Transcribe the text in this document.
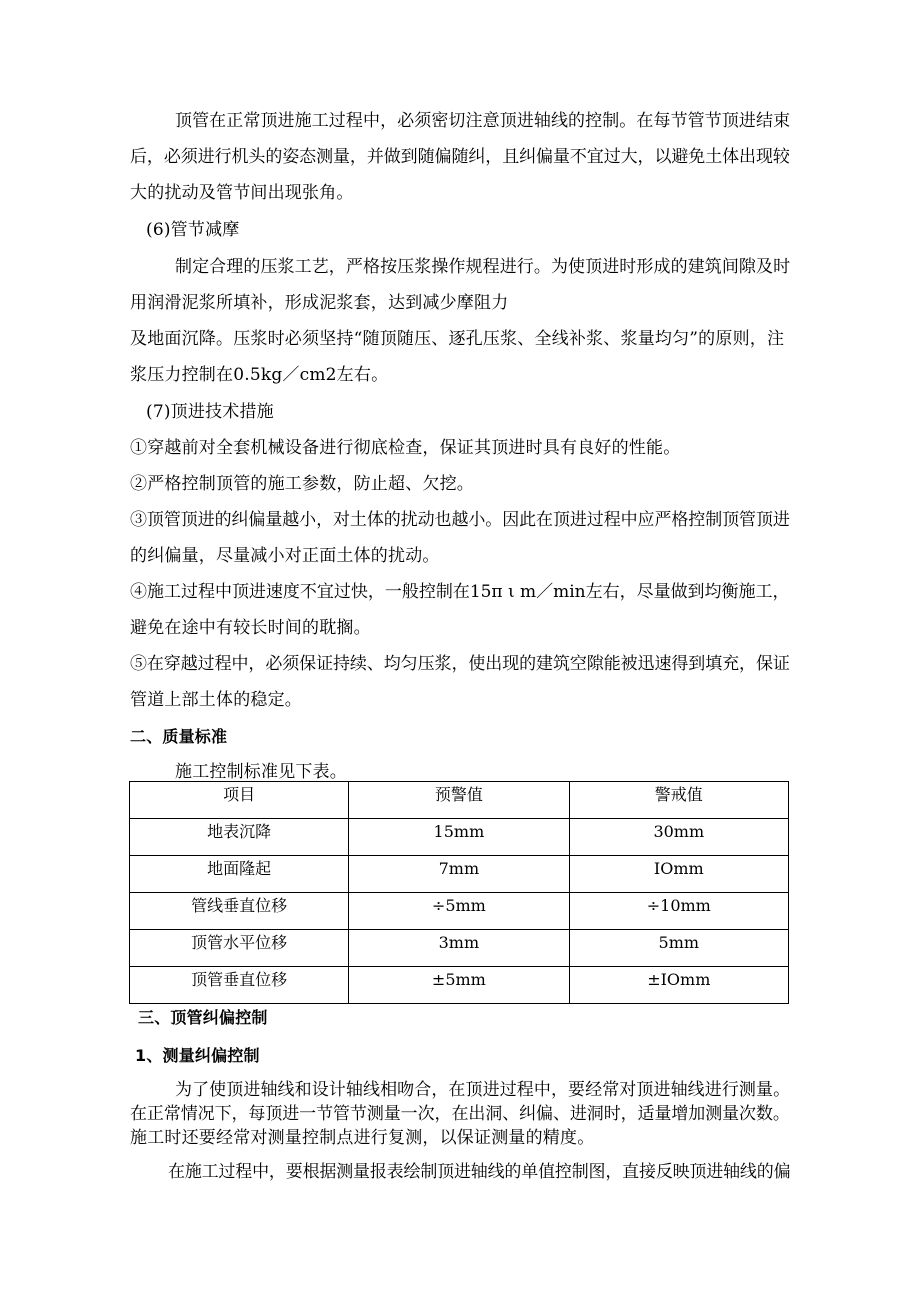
顶管在正常顶进施工过程中，必须密切注意顶进轴线的控制。在每节管节顶进结束
后，必须进行机头的姿态测量，并做到随偏随纠，且纠偏量不宜过大，以避免土体出现较
大的扰动及管节间出现张角。
(6)管节减摩
制定合理的压浆工艺，严格按压浆操作规程进行。为使顶进时形成的建筑间隙及时
用润滑泥浆所填补，形成泥浆套，达到减少摩阻力
及地面沉降。压浆时必须坚持“随顶随压、逐孔压浆、全线补浆、浆量均匀”的原则，注
浆压力控制在0.5kg／cm2左右。
(7)顶进技术措施
①穿越前对全套机械设备进行彻底检查，保证其顶进时具有良好的性能。
②严格控制顶管的施工参数，防止超、欠挖。
③顶管顶进的纠偏量越小，对土体的扰动也越小。因此在顶进过程中应严格控制顶管顶进
的纠偏量，尽量减小对正面土体的扰动。
④施工过程中顶进速度不宜过快，一般控制在15π ι m／min左右，尽量做到均衡施工，
避免在途中有较长时间的耽搁。
⑤在穿越过程中，必须保证持续、均匀压浆，使出现的建筑空隙能被迅速得到填充，保证
管道上部土体的稳定。
二、质量标准
施工控制标准见下表。
项目	预警值	警戒值
地表沉降	15mm	30mm
地面隆起	7mm	IOmm
管线垂直位移	÷5mm	÷10mm
顶管水平位移	3mm	5mm
顶管垂直位移	±5mm	±IOmm
三、顶管纠偏控制
1、测量纠偏控制
为了使顶进轴线和设计轴线相吻合，在顶进过程中，要经常对顶进轴线进行测量。
在正常情况下，每顶进一节管节测量一次，在出洞、纠偏、进洞时，适量增加测量次数。
施工时还要经常对测量控制点进行复测，以保证测量的精度。
在施工过程中，要根据测量报表绘制顶进轴线的单值控制图，直接反映顶进轴线的偏
